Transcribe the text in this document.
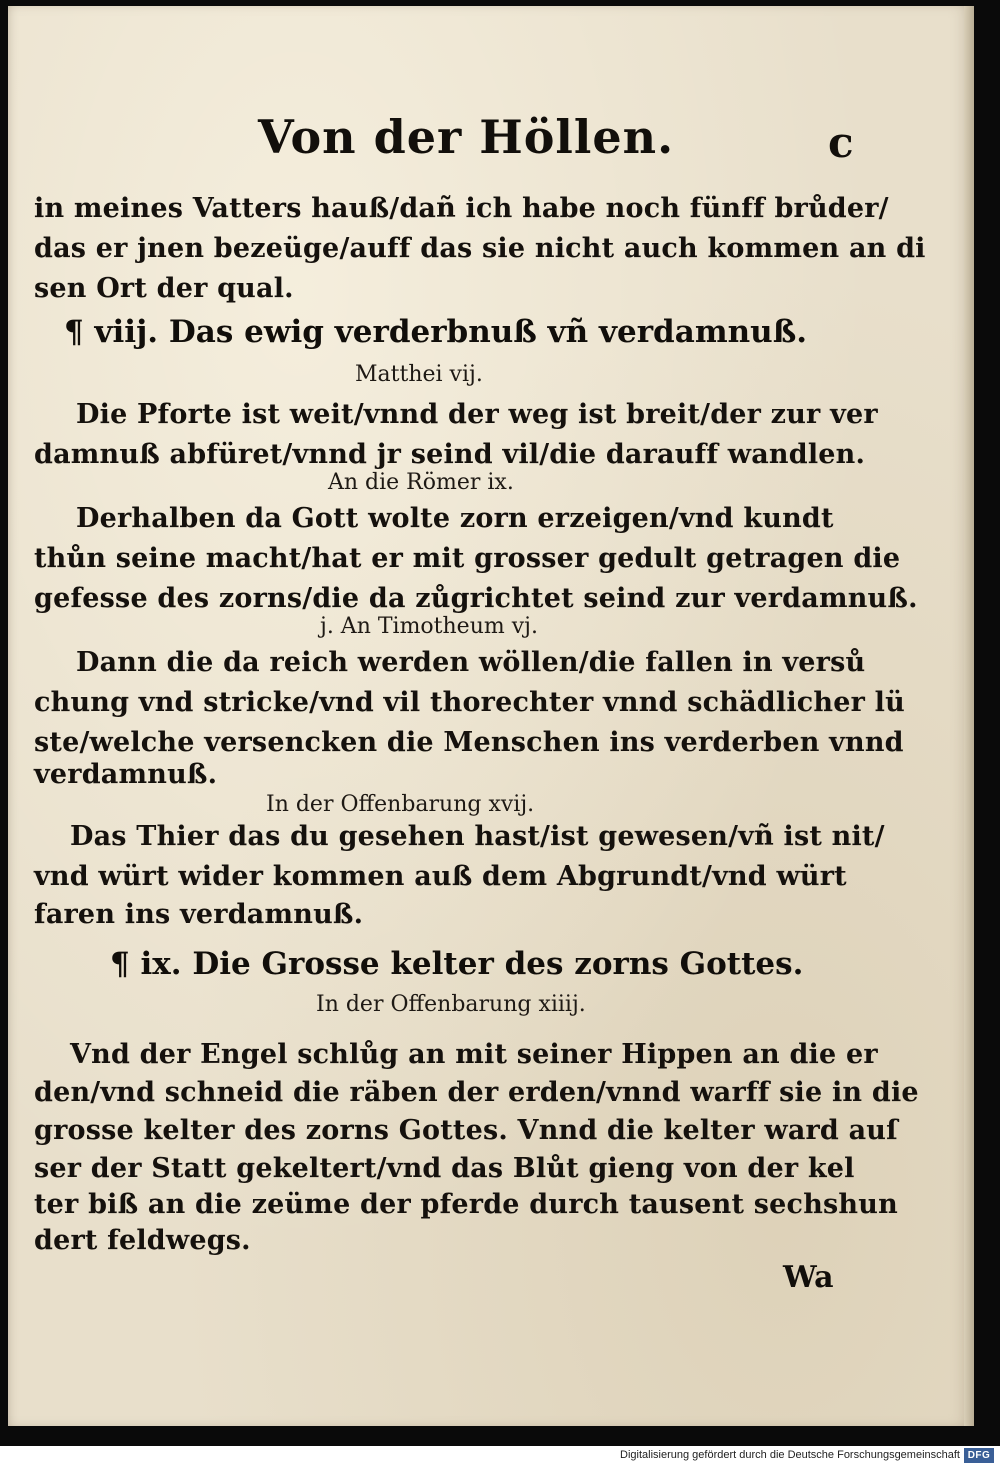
Von der Höllen.	c
in meines Vatters hauß/dañ ich habe noch fünff brůder/
das er jnen bezeüge/auff das sie nicht auch kommen an di
sen Ort der qual.
¶ viij. Das ewig verderbnuß vñ verdamnuß.
Matthei vij.
Die Pforte ist weit/vnnd der weg ist breit/der zur ver
damnuß abfüret/vnnd jr seind vil/die darauff wandlen.
An die Römer ix.
Derhalben da Gott wolte zorn erzeigen/vnd kundt
thůn seine macht/hat er mit grosser gedult getragen die
gefesse des zorns/die da zůgrichtet seind zur verdamnuß.
j. An Timotheum vj.
Dann die da reich werden wöllen/die fallen in versů
chung vnd stricke/vnd vil thorechter vnnd schädlicher lü
ste/welche versencken die Menschen ins verderben vnnd
verdamnuß.
In der Offenbarung xvij.
Das Thier das du gesehen hast/ist gewesen/vñ ist nit/
vnd würt wider kommen auß dem Abgrundt/vnd würt
faren ins verdamnuß.
¶ ix. Die Grosse kelter des zorns Gottes.
In der Offenbarung xiiij.
Vnd der Engel schlůg an mit seiner Hippen an die er
den/vnd schneid die räben der erden/vnnd warff sie in die
grosse kelter des zorns Gottes. Vnnd die kelter ward auſ
ser der Statt gekeltert/vnd das Blůt gieng von der kel
ter biß an die zeüme der pferde durch tausent sechshun
dert feldwegs.
Wa
Digitalisierung gefördert durch die Deutsche Forschungsgemeinschaft DFG
